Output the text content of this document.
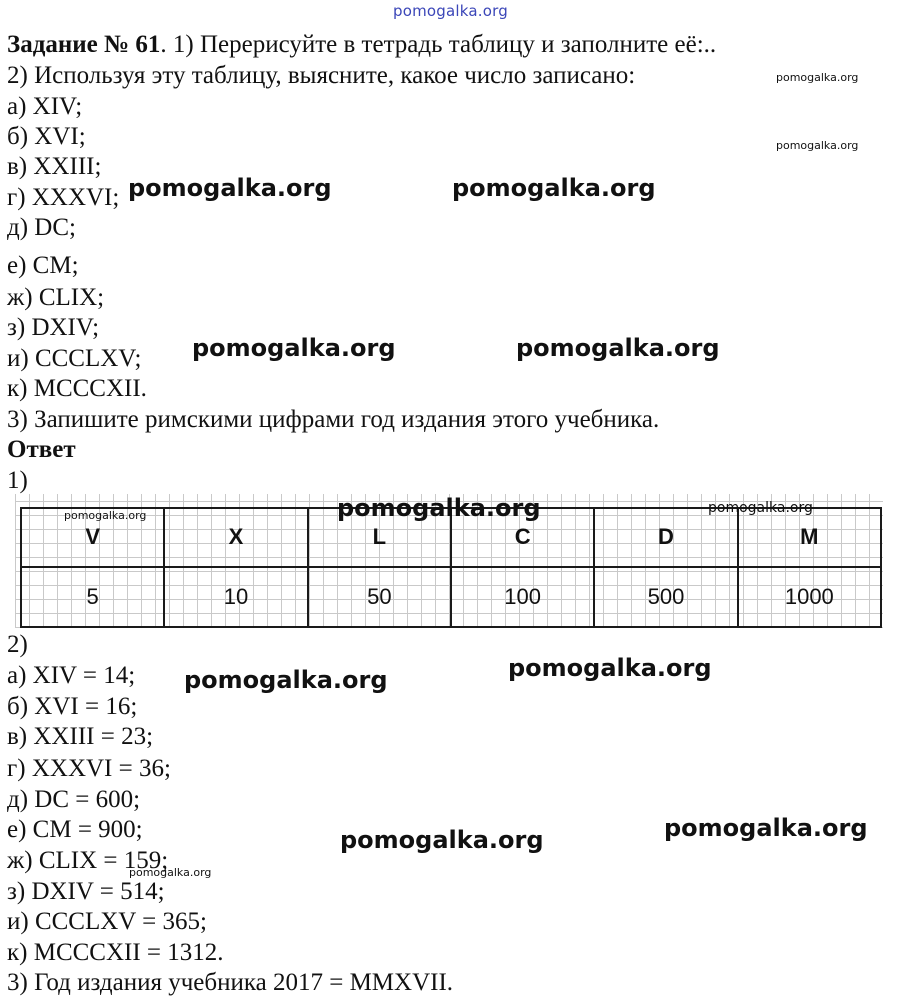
pomogalka.org
Задание № 61. 1) Перерисуйте в тетрадь таблицу и заполните её:..
2) Используя эту таблицу, выясните, какое число записано:
а) XIV;
б) XVI;
в) XXIII;
г) XXXVI;
д) DC;
е) CM;
ж) CLIX;
з) DXIV;
и) CCCLXV;
к) MCCCXII.
3) Запишите римскими цифрами год издания этого учебника.
Ответ
1)
V	X	L	C	D	M
5	10	50	100	500	1000
2)
а) XIV = 14;
б) XVI = 16;
в) XXIII = 23;
г) XXXVI = 36;
д) DC = 600;
е) CM = 900;
ж) CLIX = 159;
з) DXIV = 514;
и) CCCLXV = 365;
к) MCCCXII = 1312.
3) Год издания учебника 2017 = MMXVII.
pomogalka.org
pomogalka.org
pomogalka.org	pomogalka.org
pomogalka.org	pomogalka.org
pomogalka.org	pomogalka.org	pomogalka.org
pomogalka.org
pomogalka.org
pomogalka.org
pomogalka.org
pomogalka.org
